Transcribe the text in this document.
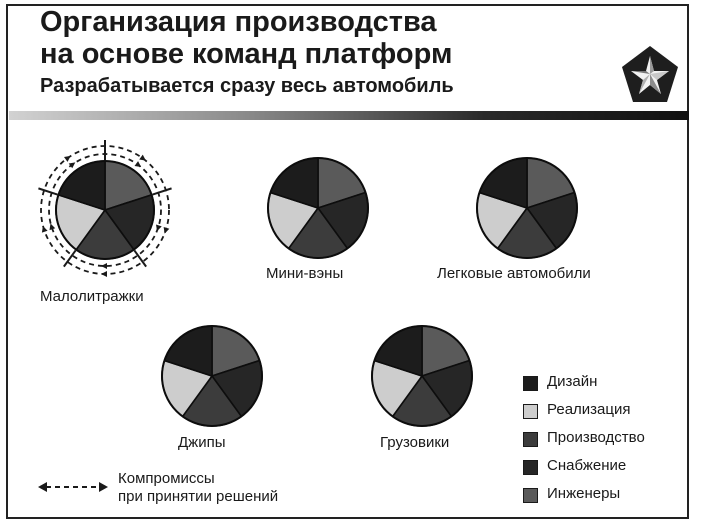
Организация производства
на основе команд платформ
Разрабатывается сразу весь автомобиль
Малолитражки
Мини-вэны	Легковые автомобили
Джипы	Грузовики
Дизайн
Реализация
Производство
Снабжение
Инженеры
Компромиссы
при принятии решений
